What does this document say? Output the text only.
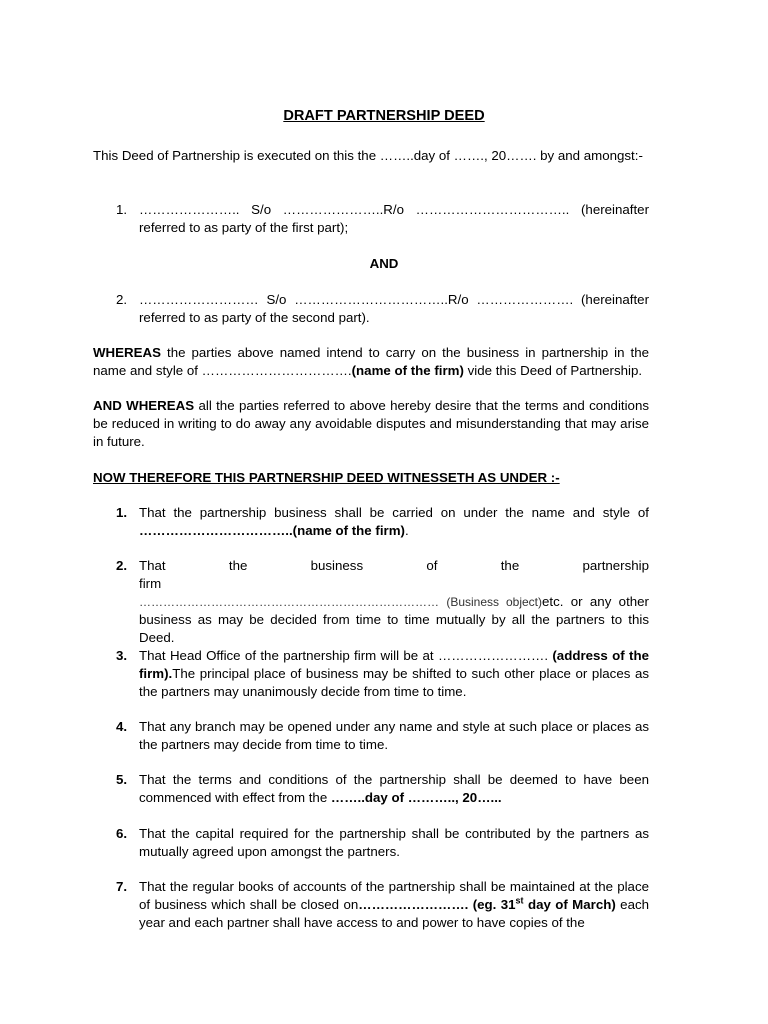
DRAFT PARTNERSHIP DEED
This Deed of Partnership is executed on this the ……..day of ……., 20……. by and amongst:-
1. ………………….. S/o …………………..R/o …………………………….. (hereinafter
referred to as party of the first part);
AND
2. ……………………… S/o ……………………………..R/o …………………. (hereinafter
referred to as party of the second part).
WHEREAS the parties above named intend to carry on the business in partnership in the name and style of …………………………….(name of the firm) vide this Deed of Partnership.
AND WHEREAS all the parties referred to above hereby desire that the terms and conditions be reduced in writing to do away any avoidable disputes and misunderstanding that may arise in future.
NOW THEREFORE THIS PARTNERSHIP DEED WITNESSETH AS UNDER :-
1. That the partnership business shall be carried on under the name and style of
……………………………..(name of the firm).
2. That the business of the partnership firm
………………………………………………………………… (Business object)etc. or any other business as may be decided from time to time mutually by all the partners to this Deed.
3. That Head Office of the partnership firm will be at ……………………. (address of the firm).The principal place of business may be shifted to such other place or places as the partners may unanimously decide from time to time.
4. That any branch may be opened under any name and style at such place or places as the partners may decide from time to time.
5. That the terms and conditions of the partnership shall be deemed to have been commenced with effect from the ……..day of ……….., 20…...
6. That the capital required for the partnership shall be contributed by the partners as mutually agreed upon amongst the partners.
7. That the regular books of accounts of the partnership shall be maintained at the place of business which shall be closed on……………………. (eg. 31st day of March) each year and each partner shall have access to and power to have copies of the
